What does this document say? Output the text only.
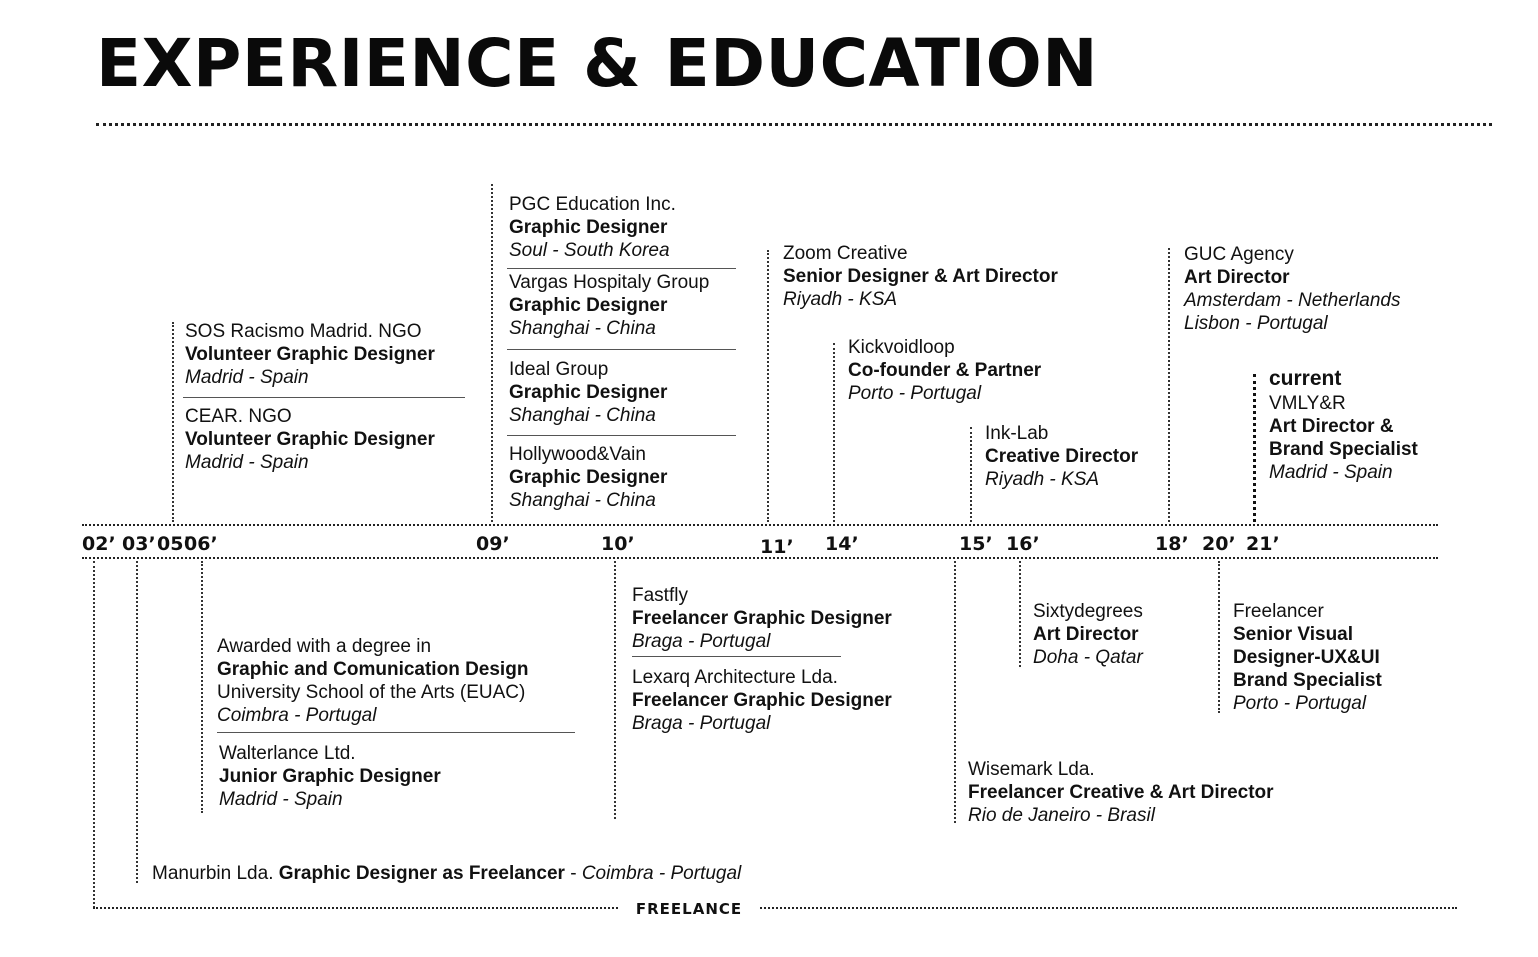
EXPERIENCE & EDUCATION
02’ 03’ 05’
06’	09’	10’	11’ 14’	15’ 16’	18’ 20’ 21’
SOS Racismo Madrid. NGO
Volunteer Graphic Designer
Madrid - Spain
CEAR. NGO
Volunteer Graphic Designer
Madrid - Spain
PGC Education Inc.
Graphic Designer
Soul - South Korea
Vargas Hospitaly Group
Graphic Designer
Shanghai - China
Ideal Group
Graphic Designer
Shanghai - China
Hollywood&Vain
Graphic Designer
Shanghai - China
Zoom Creative
Senior Designer & Art Director
Riyadh - KSA
Kickvoidloop
Co-founder & Partner
Porto - Portugal
Ink-Lab
Creative Director
Riyadh - KSA
GUC Agency
Art Director
Amsterdam - Netherlands
Lisbon - Portugal
current
VMLY&R
Art Director &
Brand Specialist
Madrid - Spain
Awarded with a degree in
Graphic and Comunication Design
University School of the Arts (EUAC)
Coimbra - Portugal
Walterlance Ltd.
Junior Graphic Designer
Madrid - Spain
Fastfly
Freelancer Graphic Designer
Braga - Portugal
Lexarq Architecture Lda.
Freelancer Graphic Designer
Braga - Portugal
Sixtydegrees
Art Director
Doha - Qatar
Freelancer
Senior Visual
Designer-UX&UI
Brand Specialist
Porto - Portugal
Wisemark Lda.
Freelancer Creative & Art Director
Rio de Janeiro - Brasil
Manurbin Lda. Graphic Designer as Freelancer - Coimbra - Portugal
FREELANCE
